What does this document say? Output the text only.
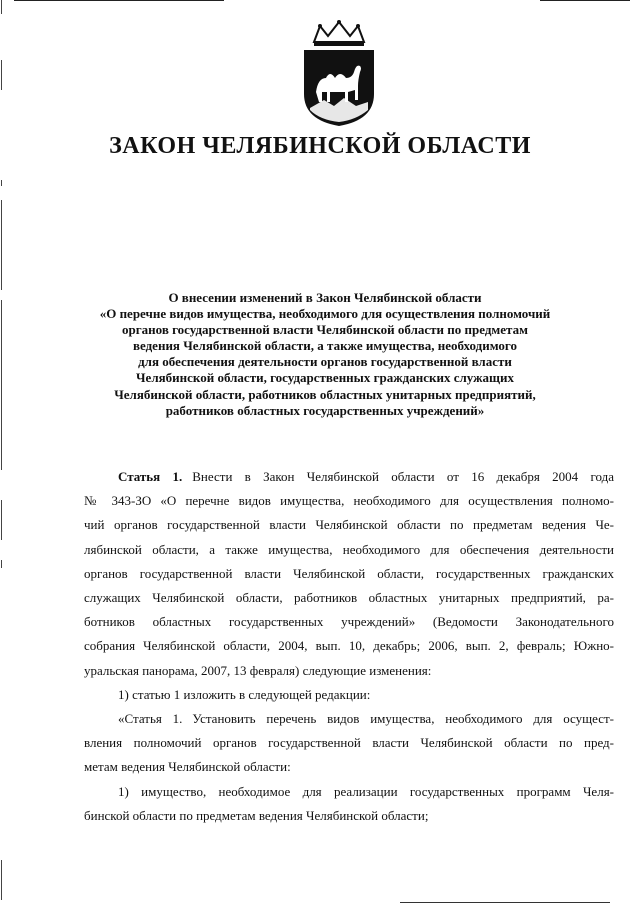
ЗАКОН ЧЕЛЯБИНСКОЙ ОБЛАСТИ
О внесении изменений в Закон Челябинской области
«О перечне видов имущества, необходимого для осуществления полномочий
органов государственной власти Челябинской области по предметам
ведения Челябинской области, а также имущества, необходимого
для обеспечения деятельности органов государственной власти
Челябинской области, государственных гражданских служащих
Челябинской области, работников областных унитарных предприятий,
работников областных государственных учреждений»
Статья 1. Внести в Закон Челябинской области от 16 декабря 2004 года
№ 343-ЗО «О перечне видов имущества, необходимого для осуществления полномо-
чий органов государственной власти Челябинской области по предметам ведения Че-
лябинской области, а также имущества, необходимого для обеспечения деятельности
органов государственной власти Челябинской области, государственных гражданских
служащих Челябинской области, работников областных унитарных предприятий, ра-
ботников областных государственных учреждений» (Ведомости Законодательного
собрания Челябинской области, 2004, вып. 10, декабрь; 2006, вып. 2, февраль; Южно-
уральская панорама, 2007, 13 февраля) следующие изменения:
1) статью 1 изложить в следующей редакции:
«Статья 1. Установить перечень видов имущества, необходимого для осущест-
вления полномочий органов государственной власти Челябинской области по пред-
метам ведения Челябинской области:
1) имущество, необходимое для реализации государственных программ Челя-
бинской области по предметам ведения Челябинской области;
